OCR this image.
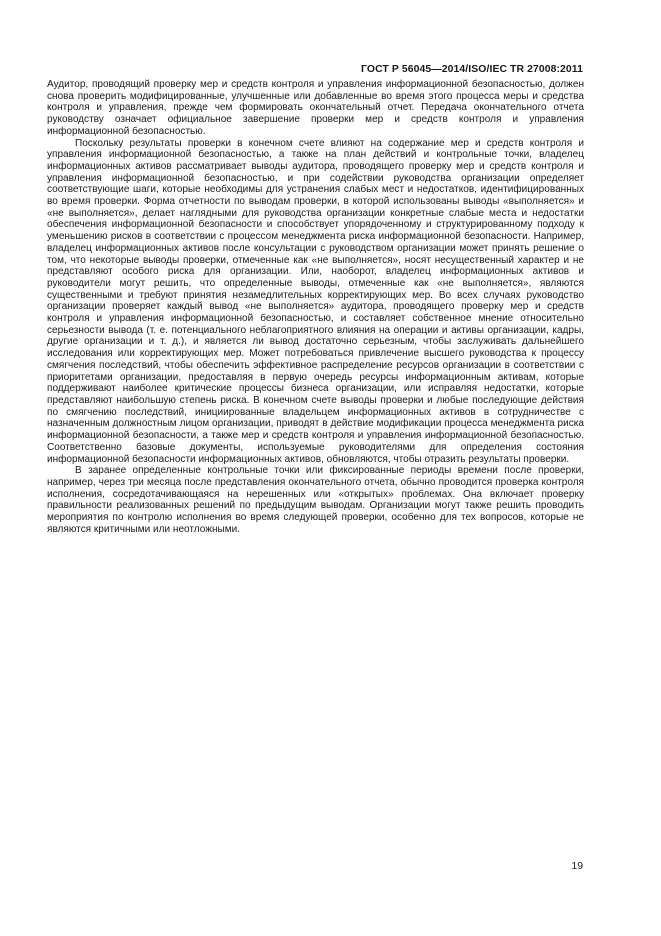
ГОСТ Р 56045—2014/ISO/IEC TR 27008:2011

Аудитор, проводящий проверку мер и средств контроля и управления информационной безопасностью, должен снова проверить модифицированные, улучшенные или добавленные во время этого процесса меры и средства контроля и управления, прежде чем формировать окончательный отчет. Передача окончательного отчета руководству означает официальное завершение проверки мер и средств контроля и управления информационной безопасностью.

Поскольку результаты проверки в конечном счете влияют на содержание мер и средств контроля и управления информационной безопасностью, а также на план действий и контрольные точки, владелец информационных активов рассматривает выводы аудитора, проводящего проверку мер и средств контроля и управления информационной безопасностью, и при содействии руководства организации определяет соответствующие шаги, которые необходимы для устранения слабых мест и недостатков, идентифицированных во время проверки. Форма отчетности по выводам проверки, в которой использованы выводы «выполняется» и «не выполняется», делает наглядными для руководства организации конкретные слабые места и недостатки обеспечения информационной безопасности и способствует упорядоченному и структурированному подходу к уменьшению рисков в соответствии с процессом менеджмента риска информационной безопасности. Например, владелец информационных активов после консультации с руководством организации может принять решение о том, что некоторые выводы проверки, отмеченные как «не выполняется», носят несущественный характер и не представляют особого риска для организации. Или, наоборот, владелец информационных активов и руководители могут решить, что определенные выводы, отмеченные как «не выполняется», являются существенными и требуют принятия незамедлительных корректирующих мер. Во всех случаях руководство организации проверяет каждый вывод «не выполняется» аудитора, проводящего проверку мер и средств контроля и управления информационной безопасностью, и составляет собственное мнение относительно серьезности вывода (т. е. потенциального неблагоприятного влияния на операции и активы организации, кадры, другие организации и т. д.), и является ли вывод достаточно серьезным, чтобы заслуживать дальнейшего исследования или корректирующих мер. Может потребоваться привлечение высшего руководства к процессу смягчения последствий, чтобы обеспечить эффективное распределение ресурсов организации в соответствии с приоритетами организации, предоставляя в первую очередь ресурсы информационным активам, которые поддерживают наиболее критические процессы бизнеса организации, или исправляя недостатки, которые представляют наибольшую степень риска. В конечном счете выводы проверки и любые последующие действия по смягчению последствий, инициированные владельцем информационных активов в сотрудничестве с назначенным должностным лицом организации, приводят в действие модификации процесса менеджмента риска информационной безопасности, а также мер и средств контроля и управления информационной безопасностью. Соответственно базовые документы, используемые руководителями для определения состояния информационной безопасности информационных активов, обновляются, чтобы отразить результаты проверки.

В заранее определенные контрольные точки или фиксированные периоды времени после проверки, например, через три месяца после представления окончательного отчета, обычно проводится проверка контроля исполнения, сосредотачивающаяся на нерешенных или «открытых» проблемах. Она включает проверку правильности реализованных решений по предыдущим выводам. Организации могут также решить проводить мероприятия по контролю исполнения во время следующей проверки, особенно для тех вопросов, которые не являются критичными или неотложными.

19
